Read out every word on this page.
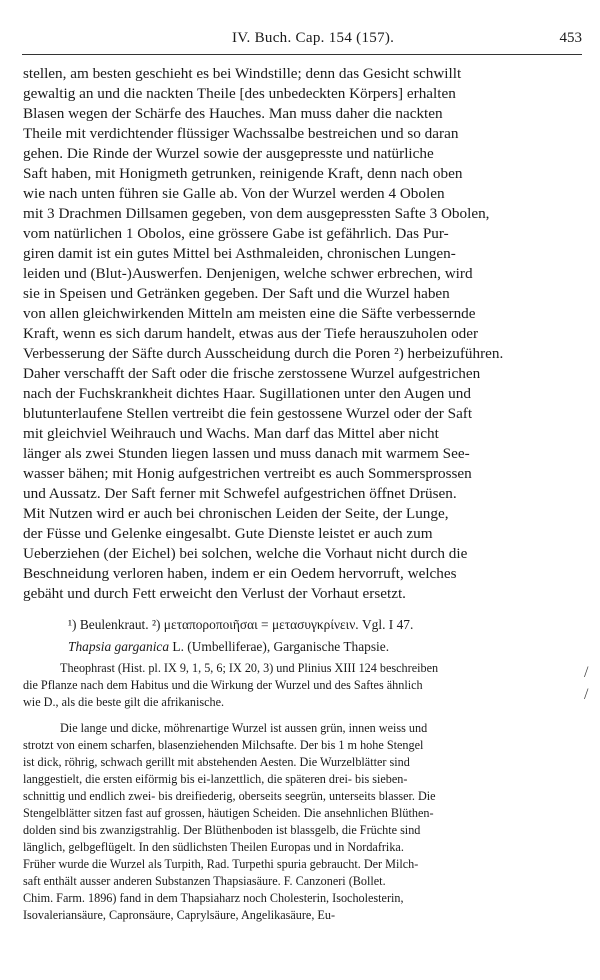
IV. Buch. Cap. 154 (157).	453
stellen, am besten geschieht es bei Windstille; denn das Gesicht schwillt
gewaltig an und die nackten Theile [des unbedeckten Körpers] erhalten
Blasen wegen der Schärfe des Hauches. Man muss daher die nackten
Theile mit verdichtender flüssiger Wachssalbe bestreichen und so daran
gehen. Die Rinde der Wurzel sowie der ausgepresste und natürliche
Saft haben, mit Honigmeth getrunken, reinigende Kraft, denn nach oben
wie nach unten führen sie Galle ab. Von der Wurzel werden 4 Obolen
mit 3 Drachmen Dillsamen gegeben, von dem ausgepressten Safte 3 Obolen,
vom natürlichen 1 Obolos, eine grössere Gabe ist gefährlich. Das Pur-
giren damit ist ein gutes Mittel bei Asthmaleiden, chronischen Lungen-
leiden und (Blut-)Auswerfen. Denjenigen, welche schwer erbrechen, wird
sie in Speisen und Getränken gegeben. Der Saft und die Wurzel haben
von allen gleichwirkenden Mitteln am meisten eine die Säfte verbessernde
Kraft, wenn es sich darum handelt, etwas aus der Tiefe herauszuholen oder
Verbesserung der Säfte durch Ausscheidung durch die Poren ²) herbeizuführen.
Daher verschafft der Saft oder die frische zerstossene Wurzel aufgestrichen
nach der Fuchskrankheit dichtes Haar. Sugillationen unter den Augen und
blutunterlaufene Stellen vertreibt die fein gestossene Wurzel oder der Saft
mit gleichviel Weihrauch und Wachs. Man darf das Mittel aber nicht
länger als zwei Stunden liegen lassen und muss danach mit warmem See-
wasser bähen; mit Honig aufgestrichen vertreibt es auch Sommersprossen
und Aussatz. Der Saft ferner mit Schwefel aufgestrichen öffnet Drüsen.
Mit Nutzen wird er auch bei chronischen Leiden der Seite, der Lunge,
der Füsse und Gelenke eingesalbt. Gute Dienste leistet er auch zum
Ueberziehen (der Eichel) bei solchen, welche die Vorhaut nicht durch die
Beschneidung verloren haben, indem er ein Oedem hervorruft, welches
gebäht und durch Fett erweicht den Verlust der Vorhaut ersetzt.
¹) Beulenkraut. ²) μεταποροποιῆσαι = μετασυγκρίνειν. Vgl. I 47.
Thapsia garganica L. (Umbelliferae), Garganische Thapsie.
Theophrast (Hist. pl. IX 9, 1, 5, 6; IX 20, 3) und Plinius XIII 124 beschreiben
die Pflanze nach dem Habitus und die Wirkung der Wurzel und des Saftes ähnlich
wie D., als die beste gilt die afrikanische.
Die lange und dicke, möhrenartige Wurzel ist aussen grün, innen weiss und
strotzt von einem scharfen, blasenziehenden Milchsafte. Der bis 1 m hohe Stengel
ist dick, röhrig, schwach gerillt mit abstehenden Aesten. Die Wurzelblätter sind
langgestielt, die ersten eiförmig bis ei-lanzettlich, die späteren drei- bis sieben-
schnittig und endlich zwei- bis dreifiederig, oberseits seegrün, unterseits blasser. Die
Stengelblätter sitzen fast auf grossen, häutigen Scheiden. Die ansehnlichen Blüthen-
dolden sind bis zwanzigstrahlig. Der Blüthenboden ist blassgelb, die Früchte sind
länglich, gelbgeflügelt. In den südlichsten Theilen Europas und in Nordafrika.
Früher wurde die Wurzel als Turpith, Rad. Turpethi spuria gebraucht. Der Milch-
saft enthält ausser anderen Substanzen Thapsiasäure. F. Canzoneri (Bollet.
Chim. Farm. 1896) fand in dem Thapsiaharz noch Cholesterin, Isocholesterin,
Isovaleriansäure, Capronsäure, Caprylsäure, Angelikasäure, Eu-
/
/
